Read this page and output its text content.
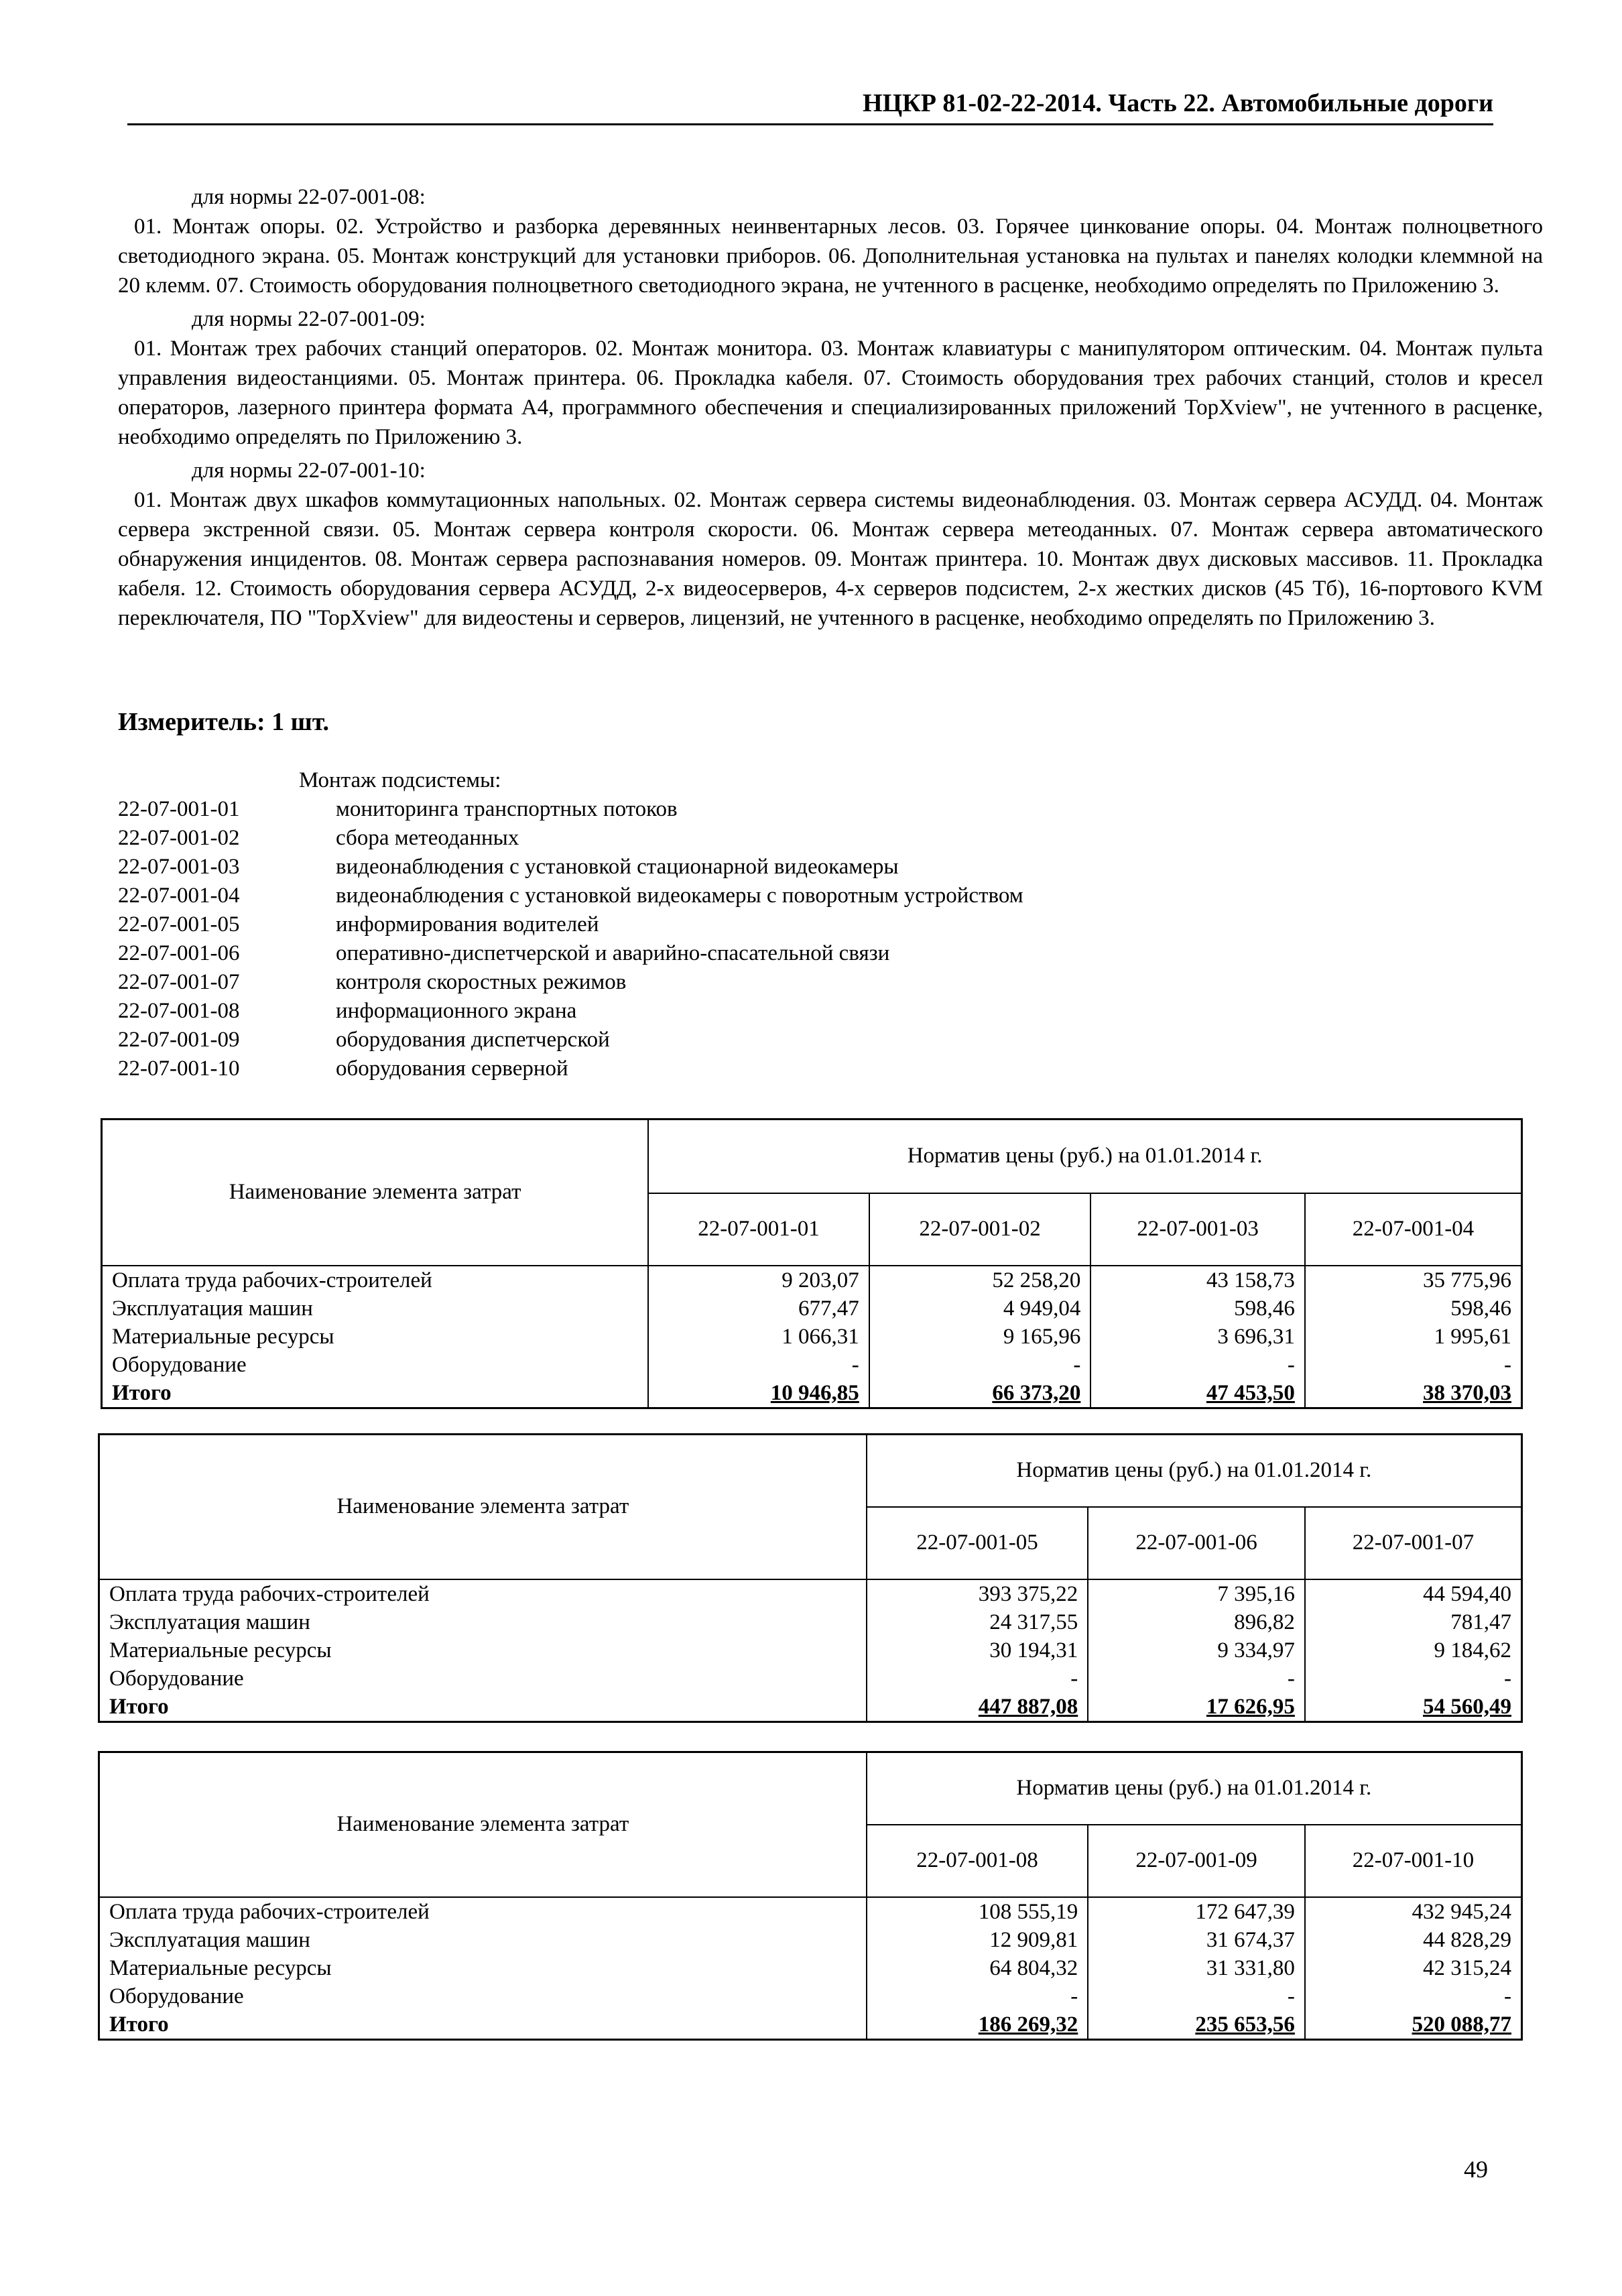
НЦКР 81-02-22-2014. Часть 22. Автомобильные дороги
для нормы 22-07-001-08:
01. Монтаж опоры. 02. Устройство и разборка деревянных неинвентарных лесов. 03. Горячее цинкование опоры. 04. Монтаж полноцветного светодиодного экрана. 05. Монтаж конструкций для установки приборов. 06. Дополнительная установка на пультах и панелях колодки клеммной на 20 клемм. 07. Стоимость оборудования полноцветного светодиодного экрана, не учтенного в расценке, необходимо определять по Приложению 3.
для нормы 22-07-001-09:
01. Монтаж трех рабочих станций операторов. 02. Монтаж монитора. 03. Монтаж клавиатуры с манипулятором оптическим. 04. Монтаж пульта управления видеостанциями. 05. Монтаж принтера. 06. Прокладка кабеля. 07. Стоимость оборудования трех рабочих станций, столов и кресел операторов, лазерного принтера формата А4, программного обеспечения и специализированных приложений TopXview", не учтенного в расценке, необходимо определять по Приложению 3.
для нормы 22-07-001-10:
01. Монтаж двух шкафов коммутационных напольных. 02. Монтаж сервера системы видеонаблюдения. 03. Монтаж сервера АСУДД. 04. Монтаж сервера экстренной связи. 05. Монтаж сервера контроля скорости. 06. Монтаж сервера метеоданных. 07. Монтаж сервера автоматического обнаружения инцидентов. 08. Монтаж сервера распознавания номеров. 09. Монтаж принтера. 10. Монтаж двух дисковых массивов. 11. Прокладка кабеля. 12. Стоимость оборудования сервера АСУДД, 2-х видеосерверов, 4-х серверов подсистем, 2-х жестких дисков (45 Тб), 16-портового KVM переключателя, ПО "TopXview" для видеостены и серверов, лицензий, не учтенного в расценке, необходимо определять по Приложению 3.
Измеритель: 1 шт.
Монтаж подсистемы:
22-07-001-01	мониторинга транспортных потоков
22-07-001-02	сбора метеоданных
22-07-001-03	видеонаблюдения с установкой стационарной видеокамеры
22-07-001-04	видеонаблюдения с установкой видеокамеры с поворотным устройством
22-07-001-05	информирования водителей
22-07-001-06	оперативно-диспетчерской и аварийно-спасательной связи
22-07-001-07	контроля скоростных режимов
22-07-001-08	информационного экрана
22-07-001-09	оборудования диспетчерской
22-07-001-10	оборудования серверной
Наименование элемента затрат	Норматив цены (руб.) на 01.01.2014 г.			
	22-07-001-01	22-07-001-02	22-07-001-03	22-07-001-04
Оплата труда рабочих-строителей	9 203,07	52 258,20	43 158,73	35 775,96
Эксплуатация машин	677,47	4 949,04	598,46	598,46
Материальные ресурсы	1 066,31	9 165,96	3 696,31	1 995,61
Оборудование	-	-	-	-
Итого	10 946,85	66 373,20	47 453,50	38 370,03
Наименование элемента затрат	Норматив цены (руб.) на 01.01.2014 г.		
	22-07-001-05	22-07-001-06	22-07-001-07
Оплата труда рабочих-строителей	393 375,22	7 395,16	44 594,40
Эксплуатация машин	24 317,55	896,82	781,47
Материальные ресурсы	30 194,31	9 334,97	9 184,62
Оборудование	-	-	-
Итого	447 887,08	17 626,95	54 560,49
Наименование элемента затрат	Норматив цены (руб.) на 01.01.2014 г.		
	22-07-001-08	22-07-001-09	22-07-001-10
Оплата труда рабочих-строителей	108 555,19	172 647,39	432 945,24
Эксплуатация машин	12 909,81	31 674,37	44 828,29
Материальные ресурсы	64 804,32	31 331,80	42 315,24
Оборудование	-	-	-
Итого	186 269,32	235 653,56	520 088,77
49
